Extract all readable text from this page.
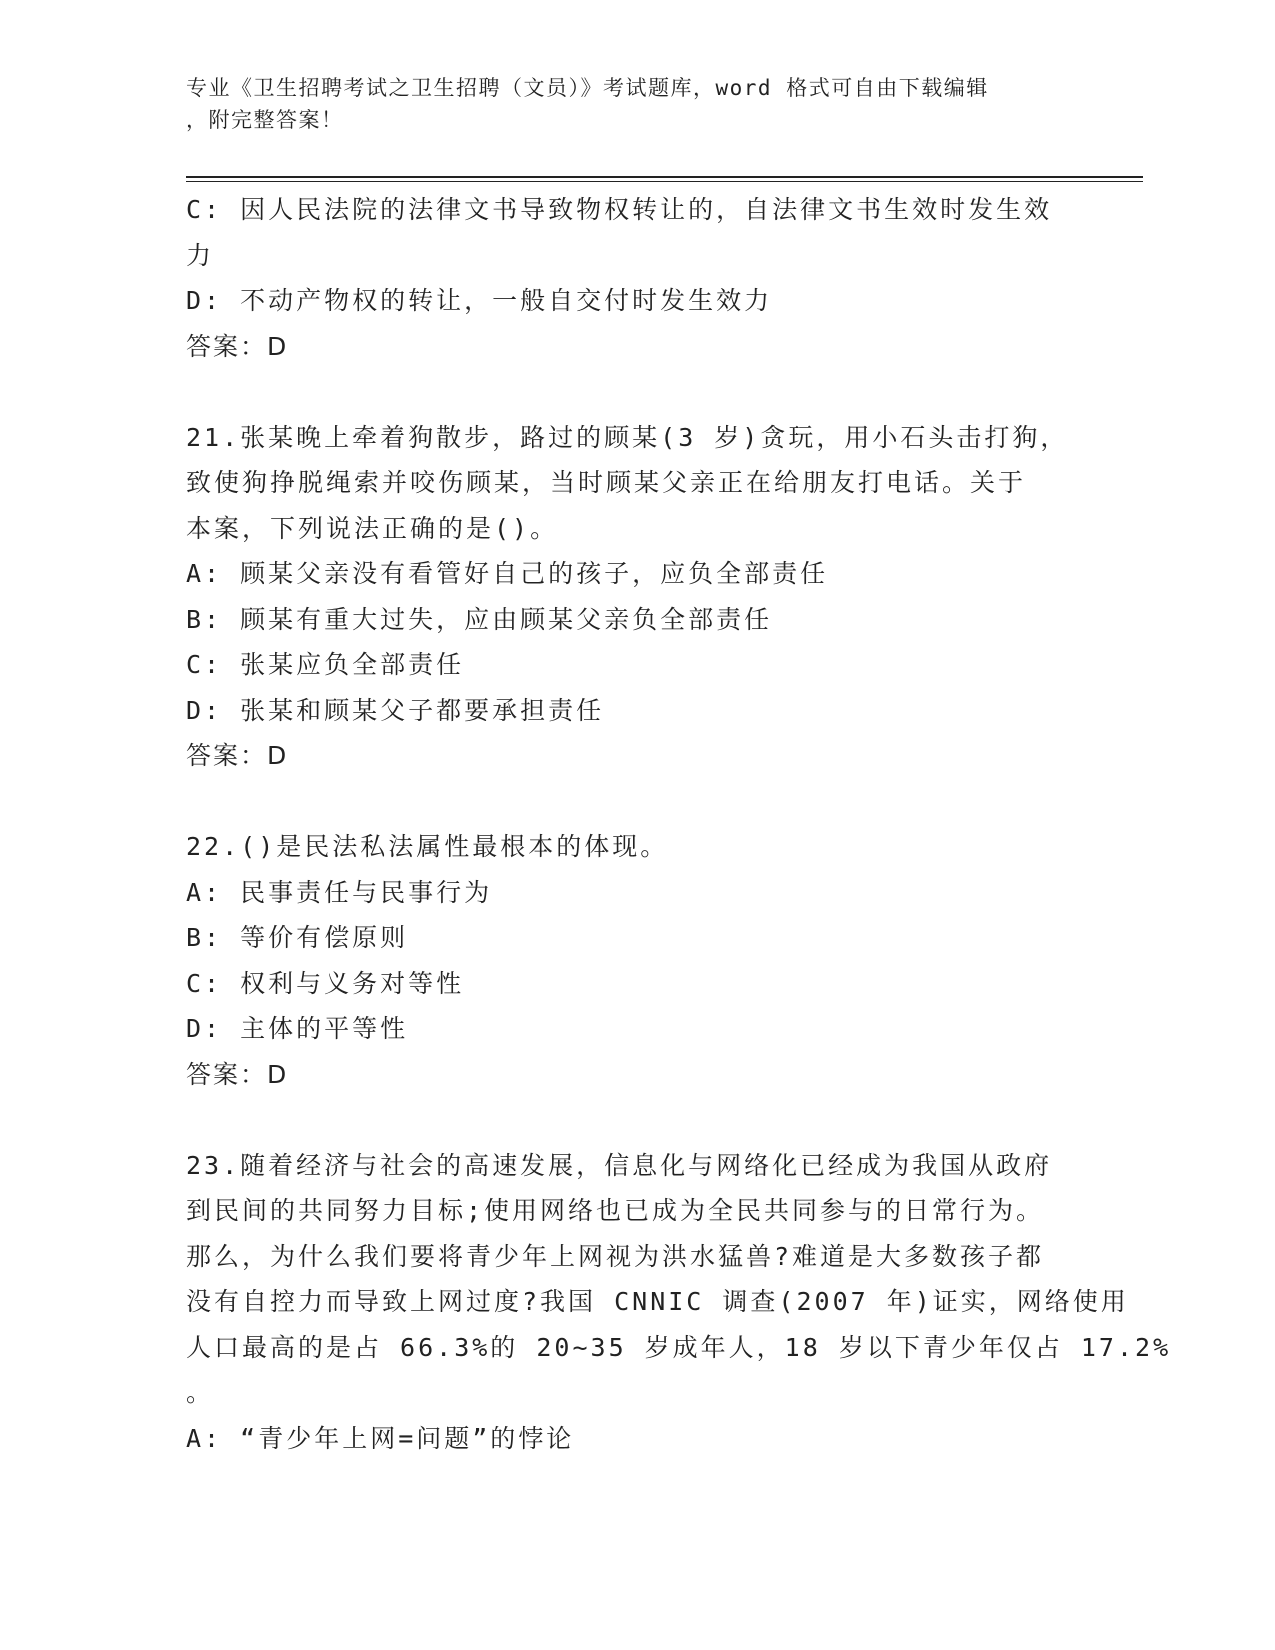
专业《卫生招聘考试之卫生招聘（文员）》考试题库，word 格式可自由下载编辑
，附完整答案！
C: 因人民法院的法律文书导致物权转让的，自法律文书生效时发生效
力
D: 不动产物权的转让，一般自交付时发生效力
答案：D
21.张某晚上牵着狗散步，路过的顾某(3 岁)贪玩，用小石头击打狗，
致使狗挣脱绳索并咬伤顾某，当时顾某父亲正在给朋友打电话。关于
本案，下列说法正确的是()。
A: 顾某父亲没有看管好自己的孩子，应负全部责任
B: 顾某有重大过失，应由顾某父亲负全部责任
C: 张某应负全部责任
D: 张某和顾某父子都要承担责任
答案：D
22.()是民法私法属性最根本的体现。
A: 民事责任与民事行为
B: 等价有偿原则
C: 权利与义务对等性
D: 主体的平等性
答案：D
23.随着经济与社会的高速发展，信息化与网络化已经成为我国从政府
到民间的共同努力目标;使用网络也已成为全民共同参与的日常行为。
那么，为什么我们要将青少年上网视为洪水猛兽?难道是大多数孩子都
没有自控力而导致上网过度?我国 CNNIC 调查(2007 年)证实，网络使用
人口最高的是占 66.3%的 20~35 岁成年人，18 岁以下青少年仅占 17.2%
。
A: “青少年上网=问题”的悖论
